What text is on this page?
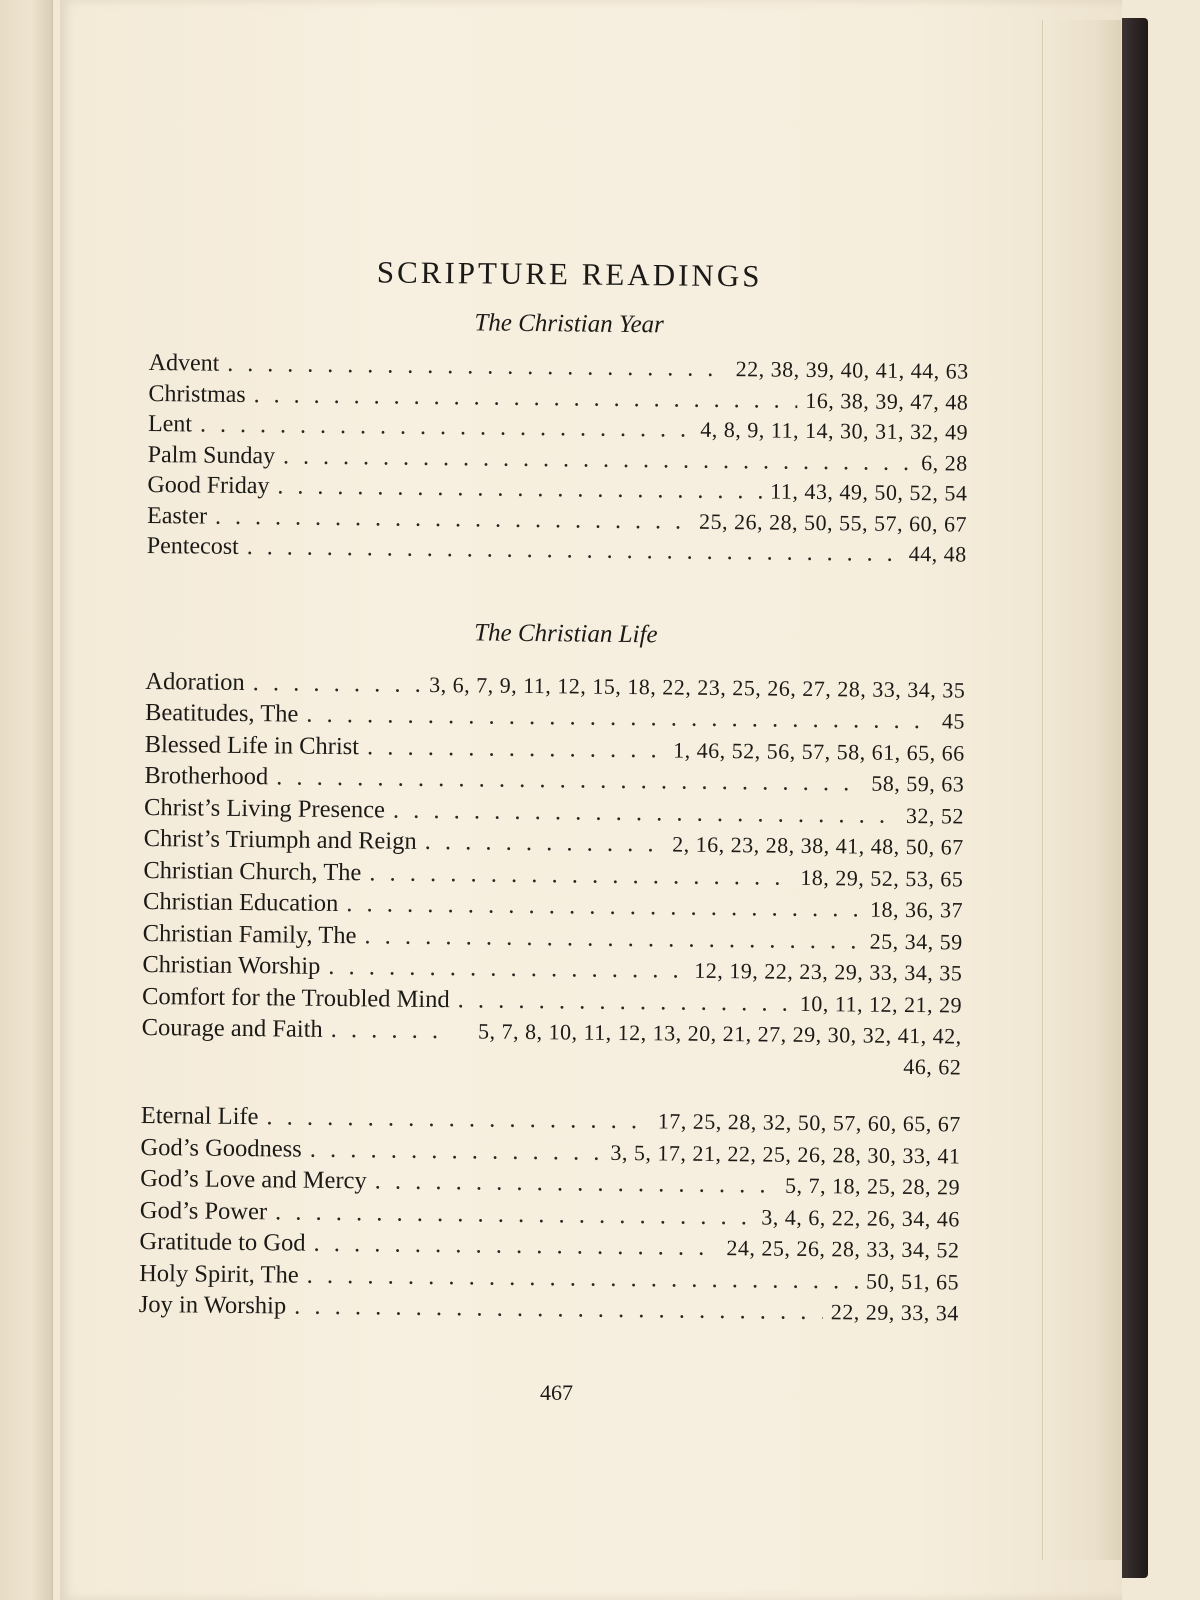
SCRIPTURE READINGS
The Christian Year
Advent . . .	22, 38, 39, 40, 41, 44, 63
Christmas . . .	16, 38, 39, 47, 48
Lent . . .	4, 8, 9, 11, 14, 30, 31, 32, 49
Palm Sunday . . .	6, 28
Good Friday . . .	11, 43, 49, 50, 52, 54
Easter . . .	25, 26, 28, 50, 55, 57, 60, 67
Pentecost . . .	44, 48
The Christian Life
Adoration . . .	3, 6, 7, 9, 11, 12, 15, 18, 22, 23, 25, 26, 27, 28, 33, 34, 35
Beatitudes, The . . .	45
Blessed Life in Christ . . .	1, 46, 52, 56, 57, 58, 61, 65, 66
Brotherhood . . .	58, 59, 63
Christ’s Living Presence . . .	32, 52
Christ’s Triumph and Reign . . .	2, 16, 23, 28, 38, 41, 48, 50, 67
Christian Church, The . . .	18, 29, 52, 53, 65
Christian Education . . .	18, 36, 37
Christian Family, The . . .	25, 34, 59
Christian Worship . . .	12, 19, 22, 23, 29, 33, 34, 35
Comfort for the Troubled Mind . . .	10, 11, 12, 21, 29
Courage and Faith . . .	5, 7, 8, 10, 11, 12, 13, 20, 21, 27, 29, 30, 32, 41, 42, 46, 62
Eternal Life . . .	17, 25, 28, 32, 50, 57, 60, 65, 67
God’s Goodness . . .	3, 5, 17, 21, 22, 25, 26, 28, 30, 33, 41
God’s Love and Mercy . . .	5, 7, 18, 25, 28, 29
God’s Power . . .	3, 4, 6, 22, 26, 34, 46
Gratitude to God . . .	24, 25, 26, 28, 33, 34, 52
Holy Spirit, The . . .	50, 51, 65
Joy in Worship . . .	22, 29, 33, 34
467
